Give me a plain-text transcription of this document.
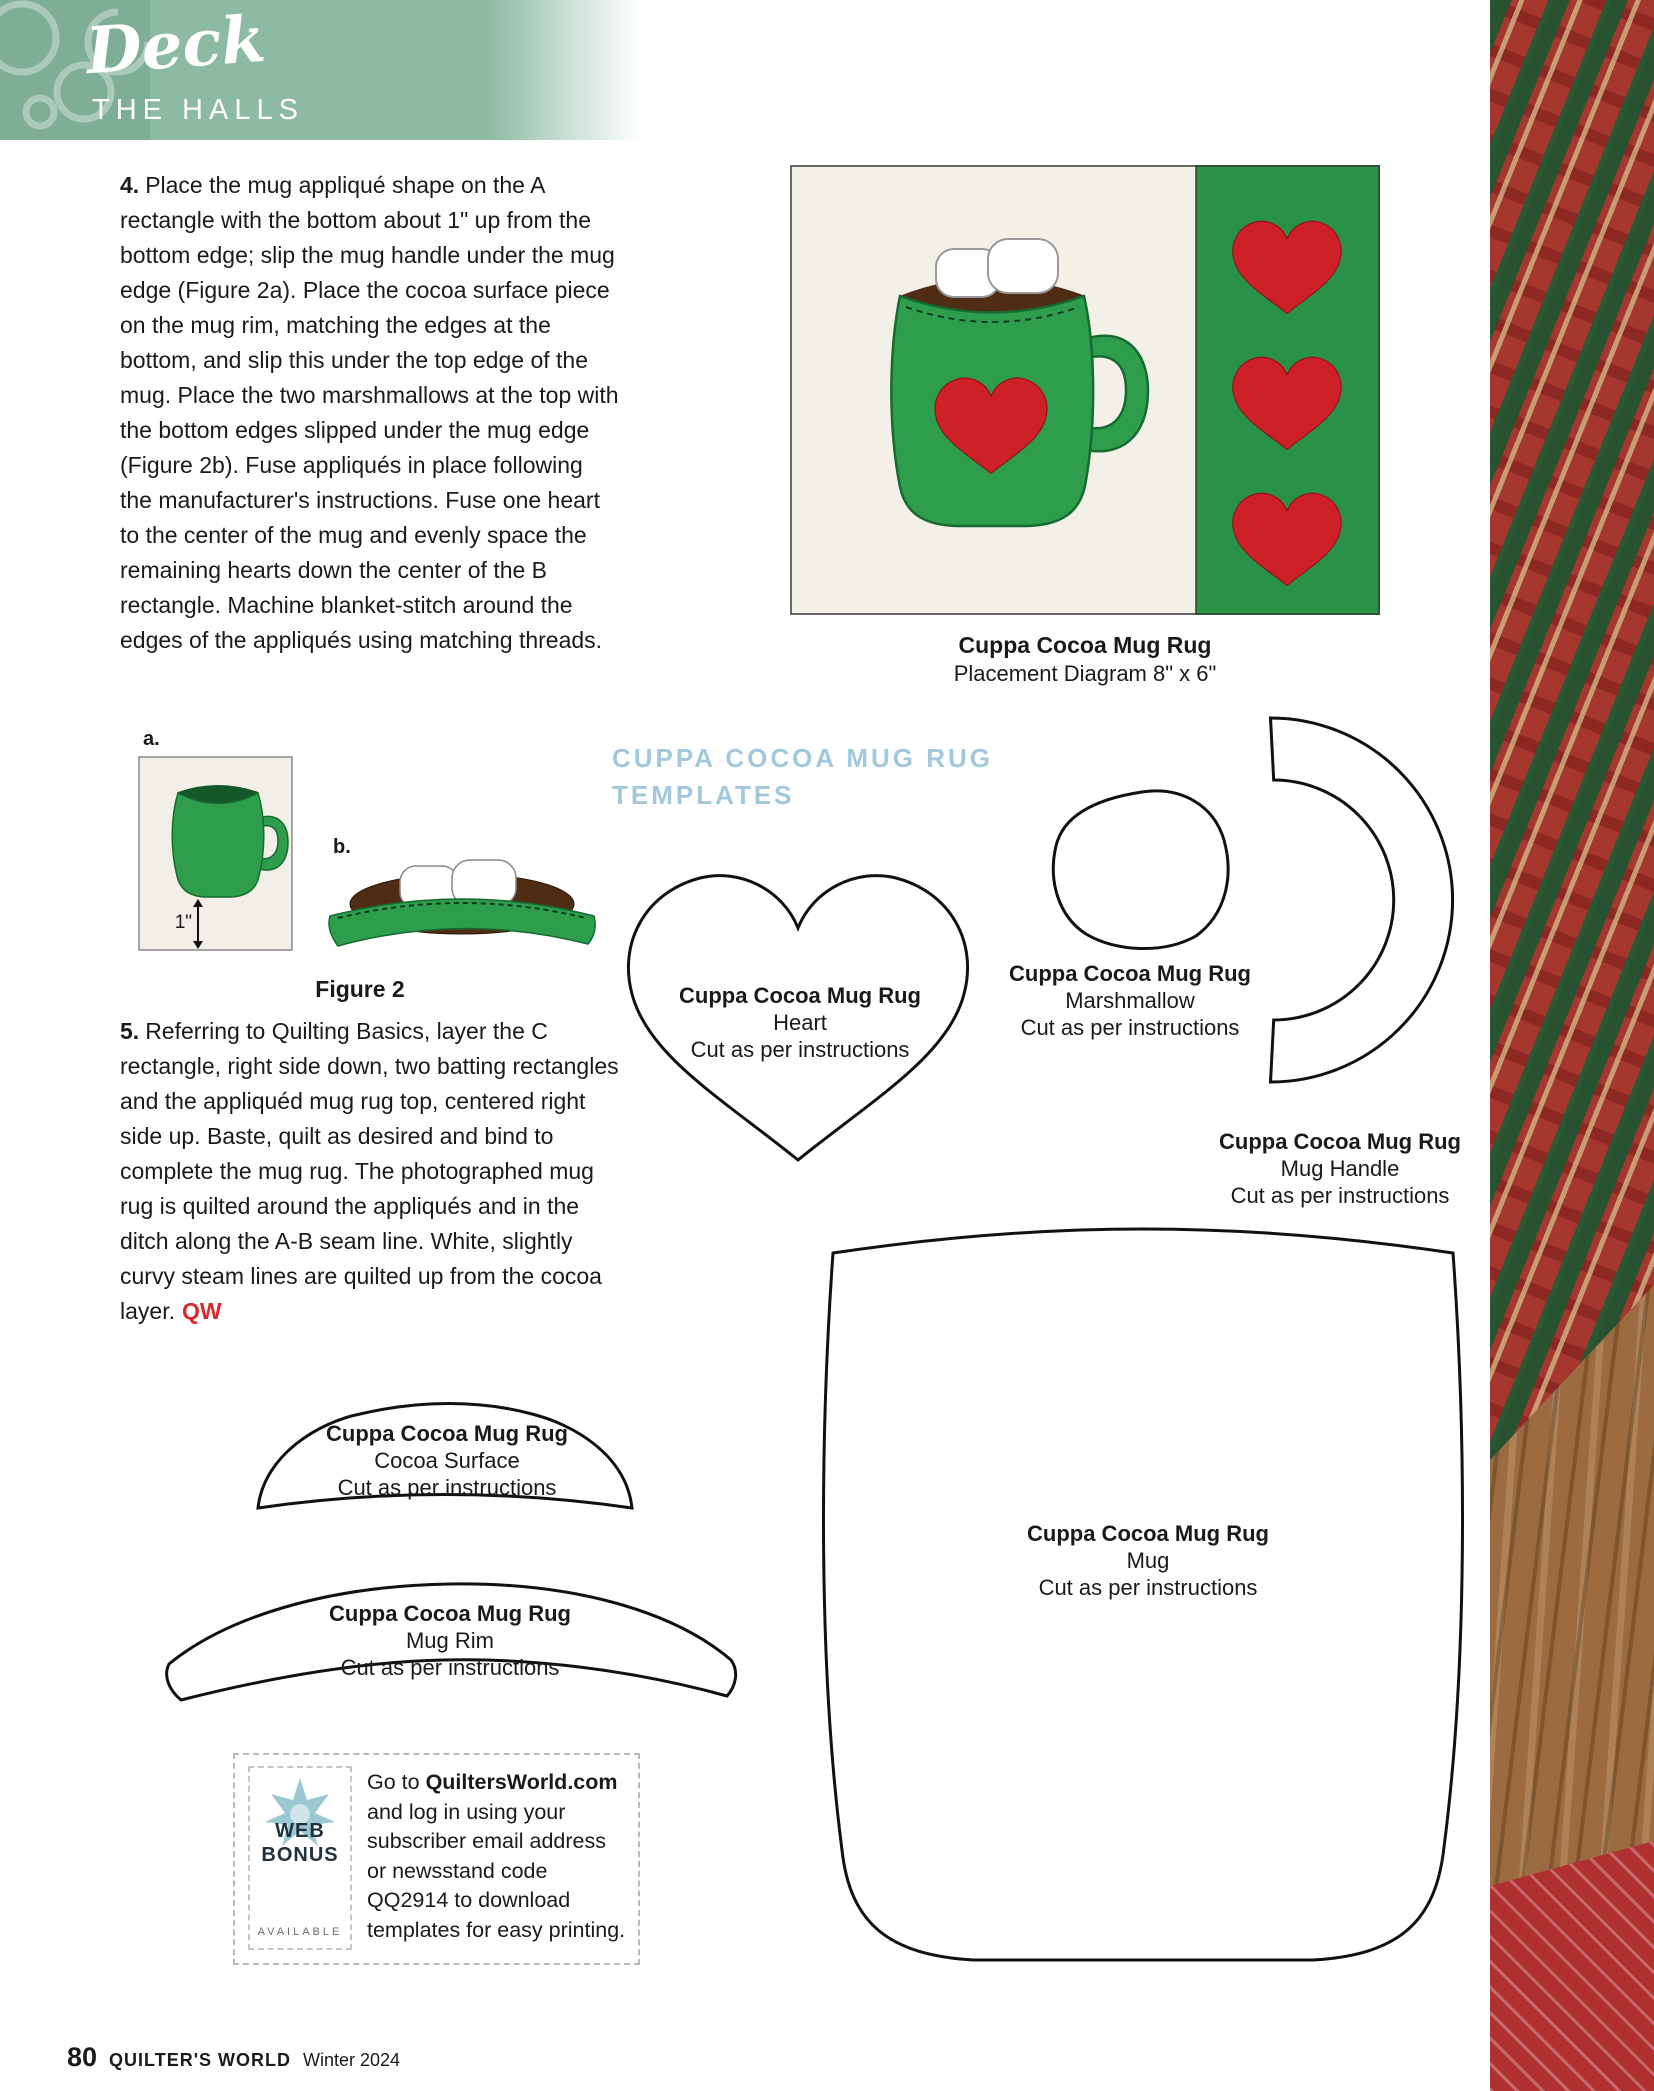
Deck
THE HALLS

4. Place the mug appliqué shape on the A rectangle with the bottom about 1" up from the bottom edge; slip the mug handle under the mug edge (Figure 2a). Place the cocoa surface piece on the mug rim, matching the edges at the bottom, and slip this under the top edge of the mug. Place the two marshmallows at the top with the bottom edges slipped under the mug edge (Figure 2b). Fuse appliqués in place following the manufacturer's instructions. Fuse one heart to the center of the mug and evenly space the remaining hearts down the center of the B rectangle. Machine blanket-stitch around the edges of the appliqués using matching threads.	Cuppa Cocoa Mug Rug
Placement Diagram 8" x 6"
a.
1"
b.
Figure 2
CUPPA COCOA MUG RUG
TEMPLATES

5. Referring to Quilting Basics, layer the C rectangle, right side down, two batting rectangles and the appliquéd mug rug top, centered right side up. Baste, quilt as desired and bind to complete the mug rug. The photographed mug rug is quilted around the appliqués and in the ditch along the A-B seam line. White, slightly curvy steam lines are quilted up from the cocoa layer. QW

Cuppa Cocoa Mug Rug
Heart
Cut as per instructions
Cuppa Cocoa Mug Rug
Marshmallow
Cut as per instructions
Cuppa Cocoa Mug Rug
Mug Handle
Cut as per instructions
Cuppa Cocoa Mug Rug
Cocoa Surface
Cut as per instructions
Cuppa Cocoa Mug Rug
Mug Rim
Cut as per instructions
Cuppa Cocoa Mug Rug
Mug
Cut as per instructions
WEB
BONUS
AVAILABLE

Go to QuiltersWorld.com and log in using your subscriber email address or newsstand code QQ2914 to download templates for easy printing.

80 QUILTER'S WORLD Winter 2024
